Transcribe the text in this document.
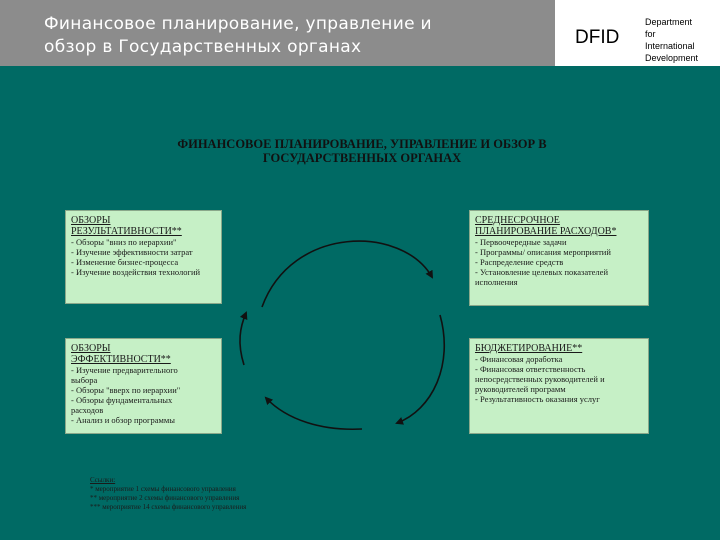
Финансовое планирование, управление и
обзор в Государственных органах	DFID
Department
for
International
Development
ФИНАНСОВОЕ ПЛАНИРОВАНИЕ, УПРАВЛЕНИЕ И ОБЗОР В
ГОСУДАРСТВЕННЫХ ОРГАНАХ
ОБЗОРЫ
РЕЗУЛЬТАТИВНОСТИ**
- Обзоры "вниз по иерархии"
- Изучение эффективности затрат
- Изменение бизнес-процесса
- Изучение воздействия технологий
СРЕДНЕСРОЧНОЕ
ПЛАНИРОВАНИЕ РАСХОДОВ*
- Первоочередные задачи
- Программы/ описания мероприятий
- Распределение средств
- Установление целевых показателей
исполнения
ОБЗОРЫ
ЭФФЕКТИВНОСТИ**
- Изучение предварительного
выбора
- Обзоры "вверх по иерархии"
- Обзоры фундаментальных
расходов
- Анализ и обзор программы
БЮДЖЕТИРОВАНИЕ**
- Финансовая доработка
- Финансовая ответственность
непосредственных руководителей и
руководителей программ
- Результативность оказания услуг
Ссылки:
* мероприятие 1 схемы финансового управления
** мероприятие 2 схемы финансового управления
*** мероприятие 14 схемы финансового управления
